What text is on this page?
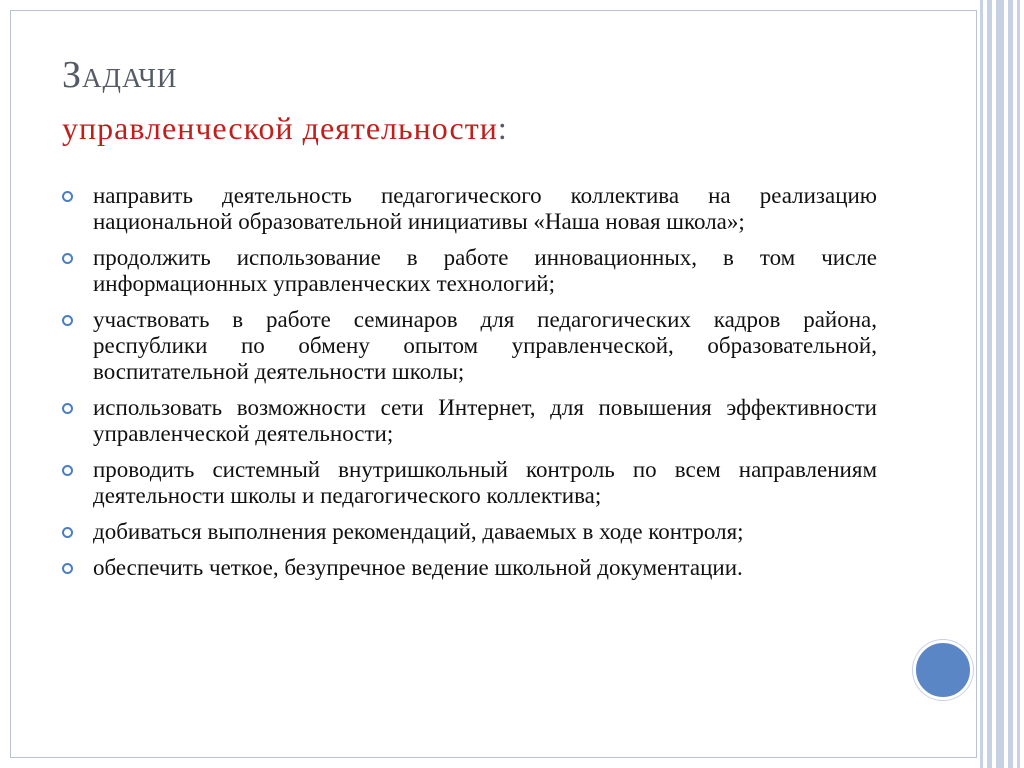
Задачи
управленческой деятельности:
направить деятельность педагогического коллектива на реализацию национальной образовательной инициативы «Наша новая школа»;
продолжить использование в работе инновационных, в том числе информационных управленческих технологий;
участвовать в работе семинаров для педагогических кадров района, республики по обмену опытом управленческой, образовательной, воспитательной деятельности школы;
использовать возможности сети Интернет, для повышения эффективности управленческой деятельности;
проводить системный внутришкольный контроль по всем направлениям деятельности школы и педагогического коллектива;
добиваться выполнения рекомендаций, даваемых в ходе контроля;
обеспечить четкое, безупречное ведение школьной документации.
